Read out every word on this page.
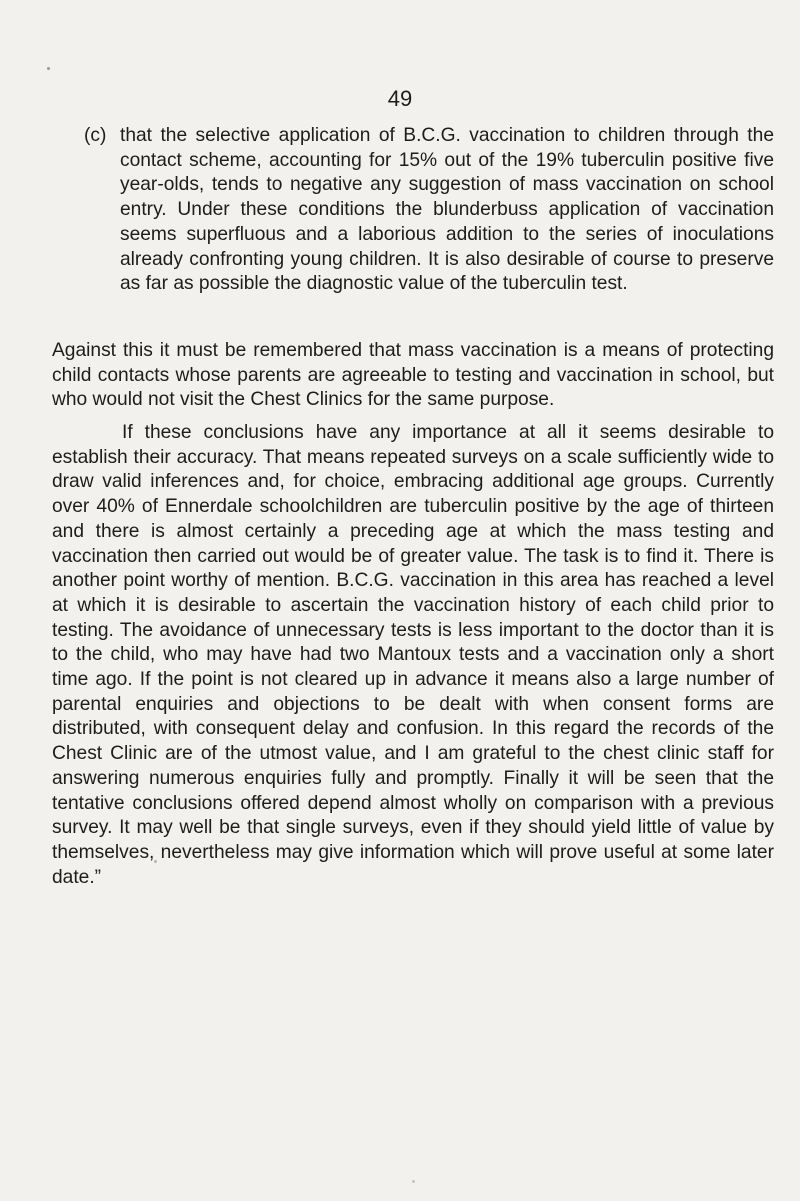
49
(c) that the selective application of B.C.G. vaccination to children through the contact scheme, accounting for 15% out of the 19% tuberculin positive five year-olds, tends to negative any suggestion of mass vaccination on school entry. Under these conditions the blunderbuss application of vaccination seems superfluous and a laborious addition to the series of inoculations already confronting young children. It is also desirable of course to preserve as far as possible the diagnostic value of the tuberculin test.
Against this it must be remembered that mass vaccination is a means of protecting child contacts whose parents are agreeable to testing and vaccination in school, but who would not visit the Chest Clinics for the same purpose.
If these conclusions have any importance at all it seems desirable to establish their accuracy. That means repeated surveys on a scale sufficiently wide to draw valid inferences and, for choice, embracing additional age groups. Currently over 40% of Ennerdale schoolchildren are tuberculin positive by the age of thirteen and there is almost certainly a preceding age at which the mass testing and vaccination then carried out would be of greater value. The task is to find it. There is another point worthy of mention. B.C.G. vaccination in this area has reached a level at which it is desirable to ascertain the vaccination history of each child prior to testing. The avoidance of unnecessary tests is less important to the doctor than it is to the child, who may have had two Mantoux tests and a vaccination only a short time ago. If the point is not cleared up in advance it means also a large number of parental enquiries and objections to be dealt with when consent forms are distributed, with consequent delay and confusion. In this regard the records of the Chest Clinic are of the utmost value, and I am grateful to the chest clinic staff for answering numerous enquiries fully and promptly. Finally it will be seen that the tentative conclusions offered depend almost wholly on comparison with a previous survey. It may well be that single surveys, even if they should yield little of value by themselves, nevertheless may give information which will prove useful at some later date.”
